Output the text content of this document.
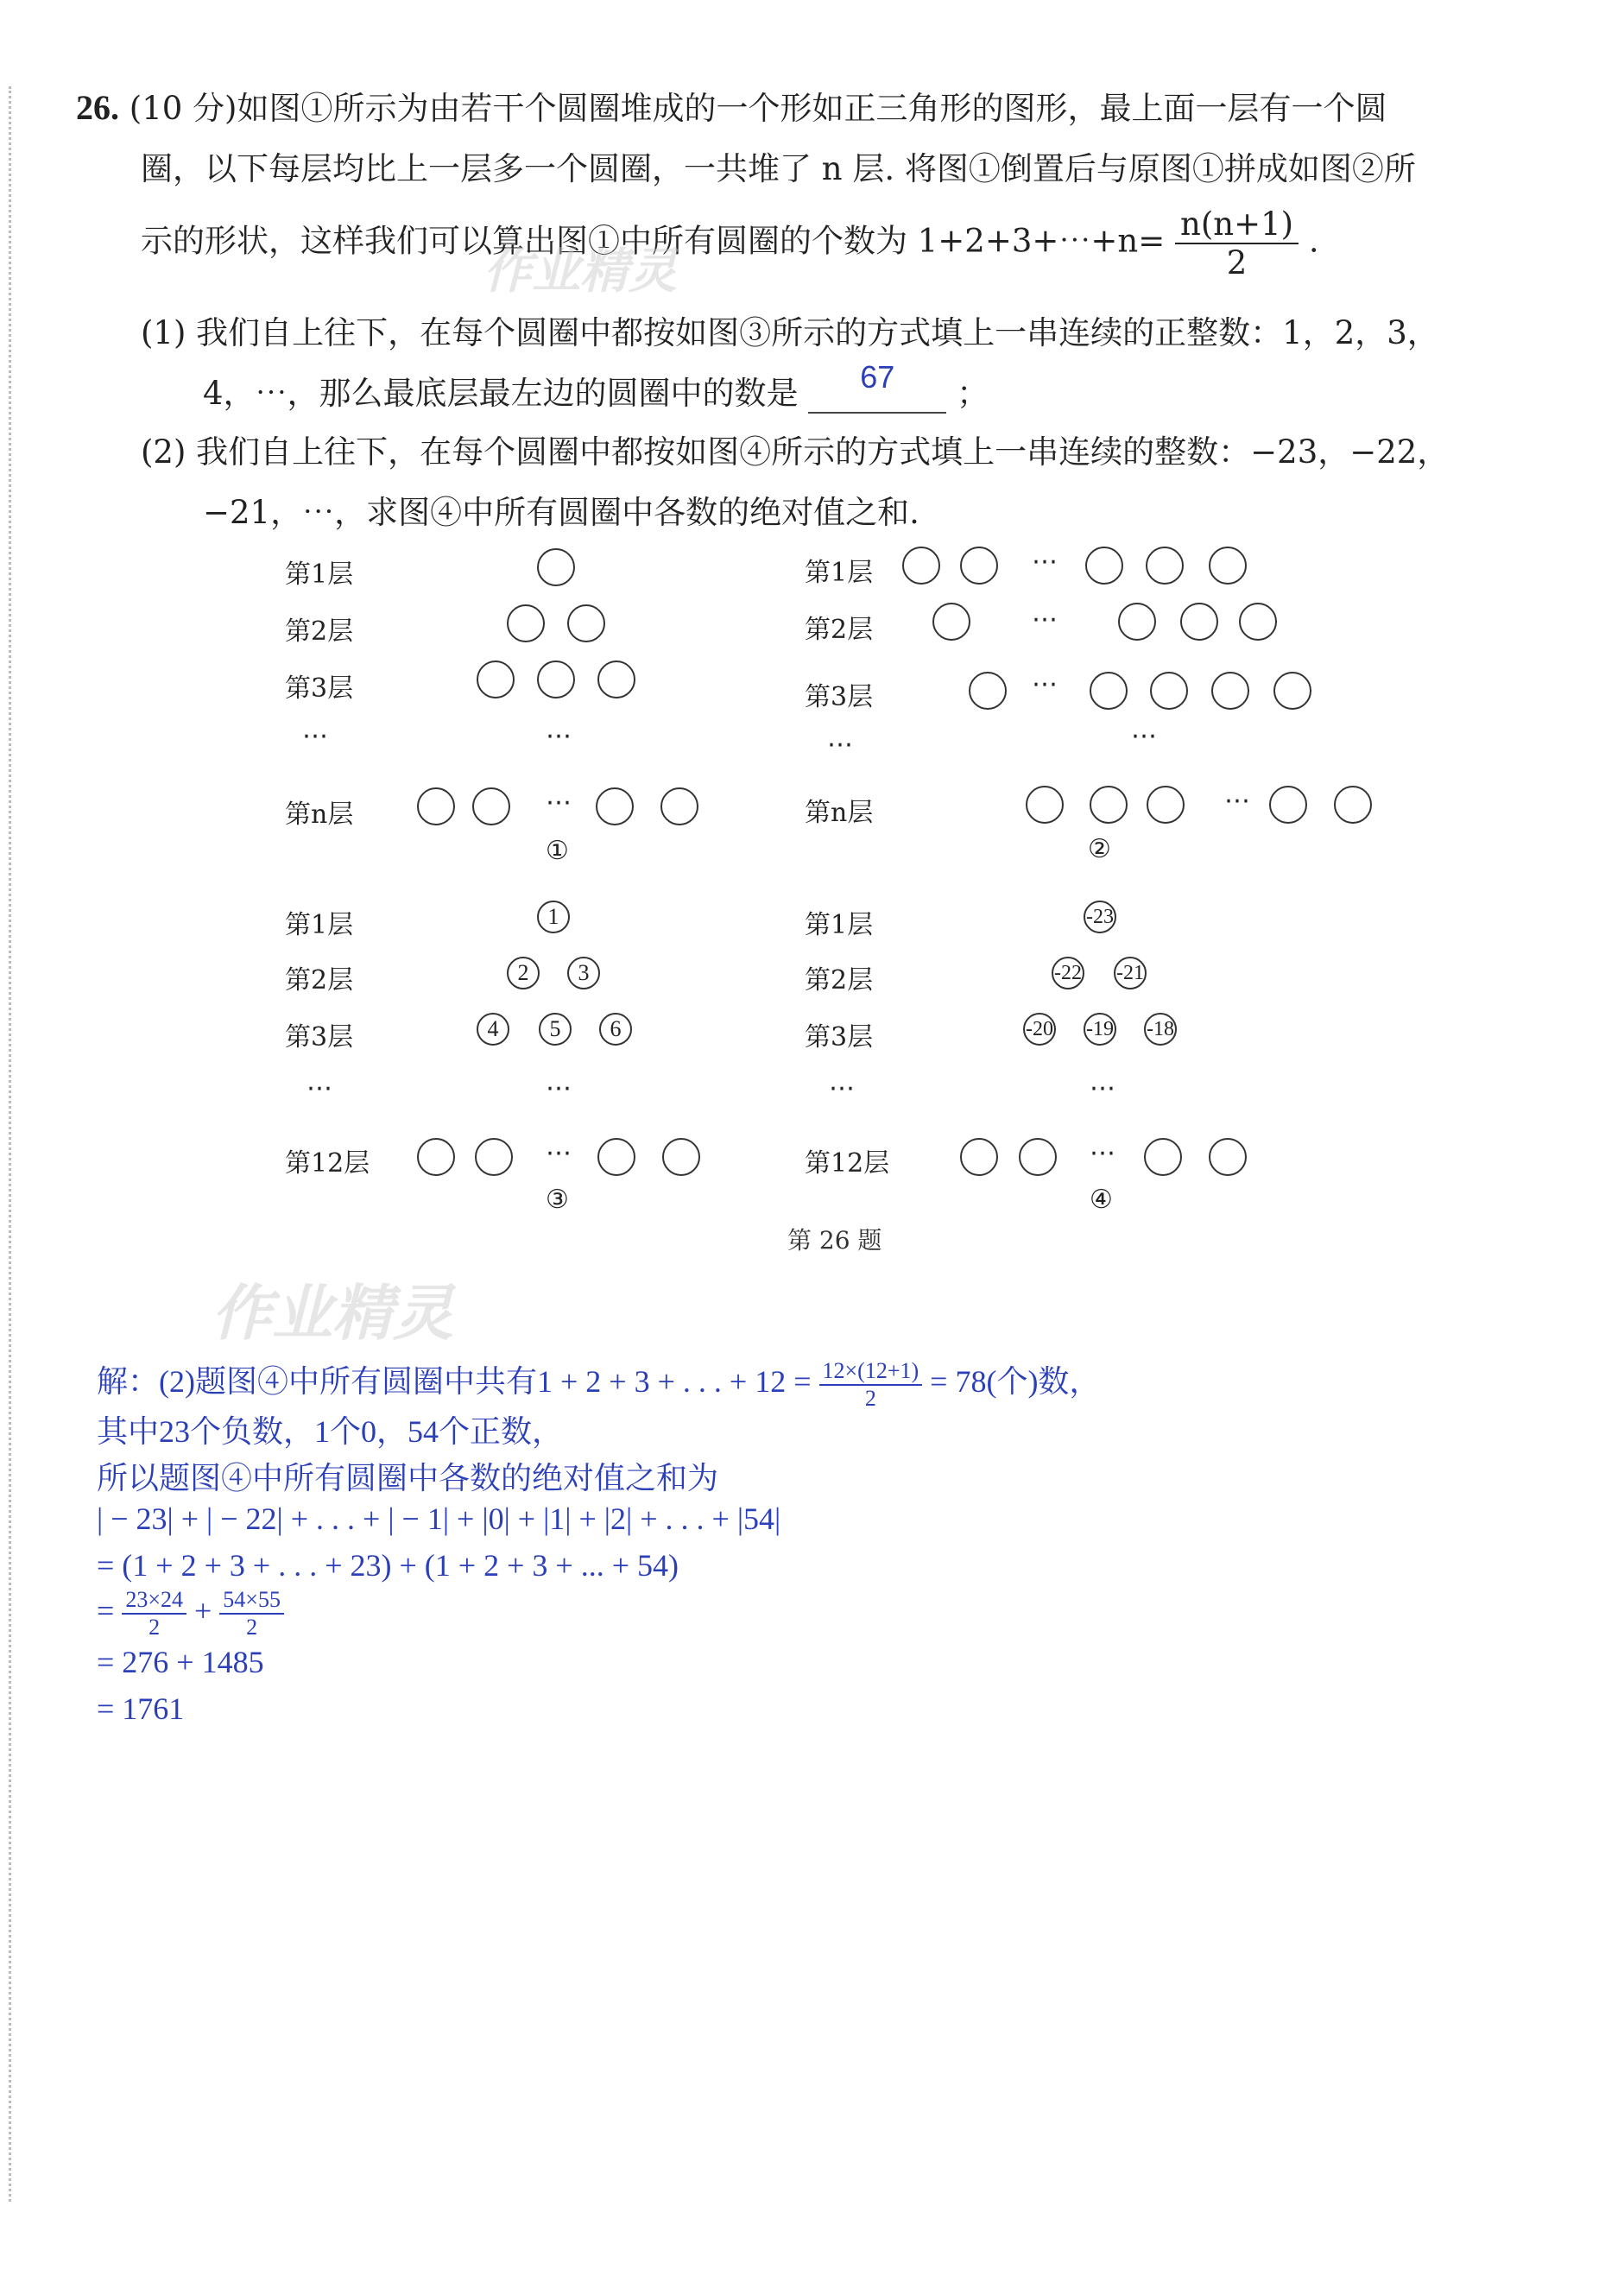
26. (10 分)如图①所示为由若干个圆圈堆成的一个形如正三角形的图形，最上面一层有一个圆
圈，以下每层均比上一层多一个圆圈，一共堆了 n 层. 将图①倒置后与原图①拼成如图②所
示的形状，这样我们可以算出图①中所有圆圈的个数为 1+2+3+⋯+n= $\frac{n(n+1)}{2}$ .
(1) 我们自上往下，在每个圆圈中都按如图③所示的方式填上一串连续的正整数：1，2，3，
4，⋯，那么最底层最左边的圆圈中的数是	67	；
(2) 我们自上往下，在每个圆圈中都按如图④所示的方式填上一串连续的整数：−23，−22，
−21，⋯，求图④中所有圆圈中各数的绝对值之和.
作业精灵
作业精灵
第1层
第2层
第3层
⋯
第n层
⋯
⋯
①
第1层
第2层
第3层
⋯
第n层
⋯
⋯
⋯
⋯
⋯
②
第1层
第2层
第3层
⋯
第12层
1
2	3
4	5	6
⋯
⋯
③
第1层
第2层
第3层
⋯
第12层
-23
-22 -21
-20 -19 -18
⋯
⋯
④
第 26 题
解：(2)题图④中所有圆圈中共有1 + 2 + 3 + . . . + $12 = \frac{12\times(12+1)}{2} = 78$(个)数，
其中23个负数，1个0，54个正数，
所以题图④中所有圆圈中各数的绝对值之和为
| − 23| + | − 22| + . . . + | − 1| + |0| + |1| + |2| + . . . + |54|
= (1 + 2 + 3 + . . . + 23) + (1 + 2 + 3 + ... + 54)
= $\frac{23\times 24}{2} + \frac{54\times 55}{2}$
= 276 + 1485
= 1761
